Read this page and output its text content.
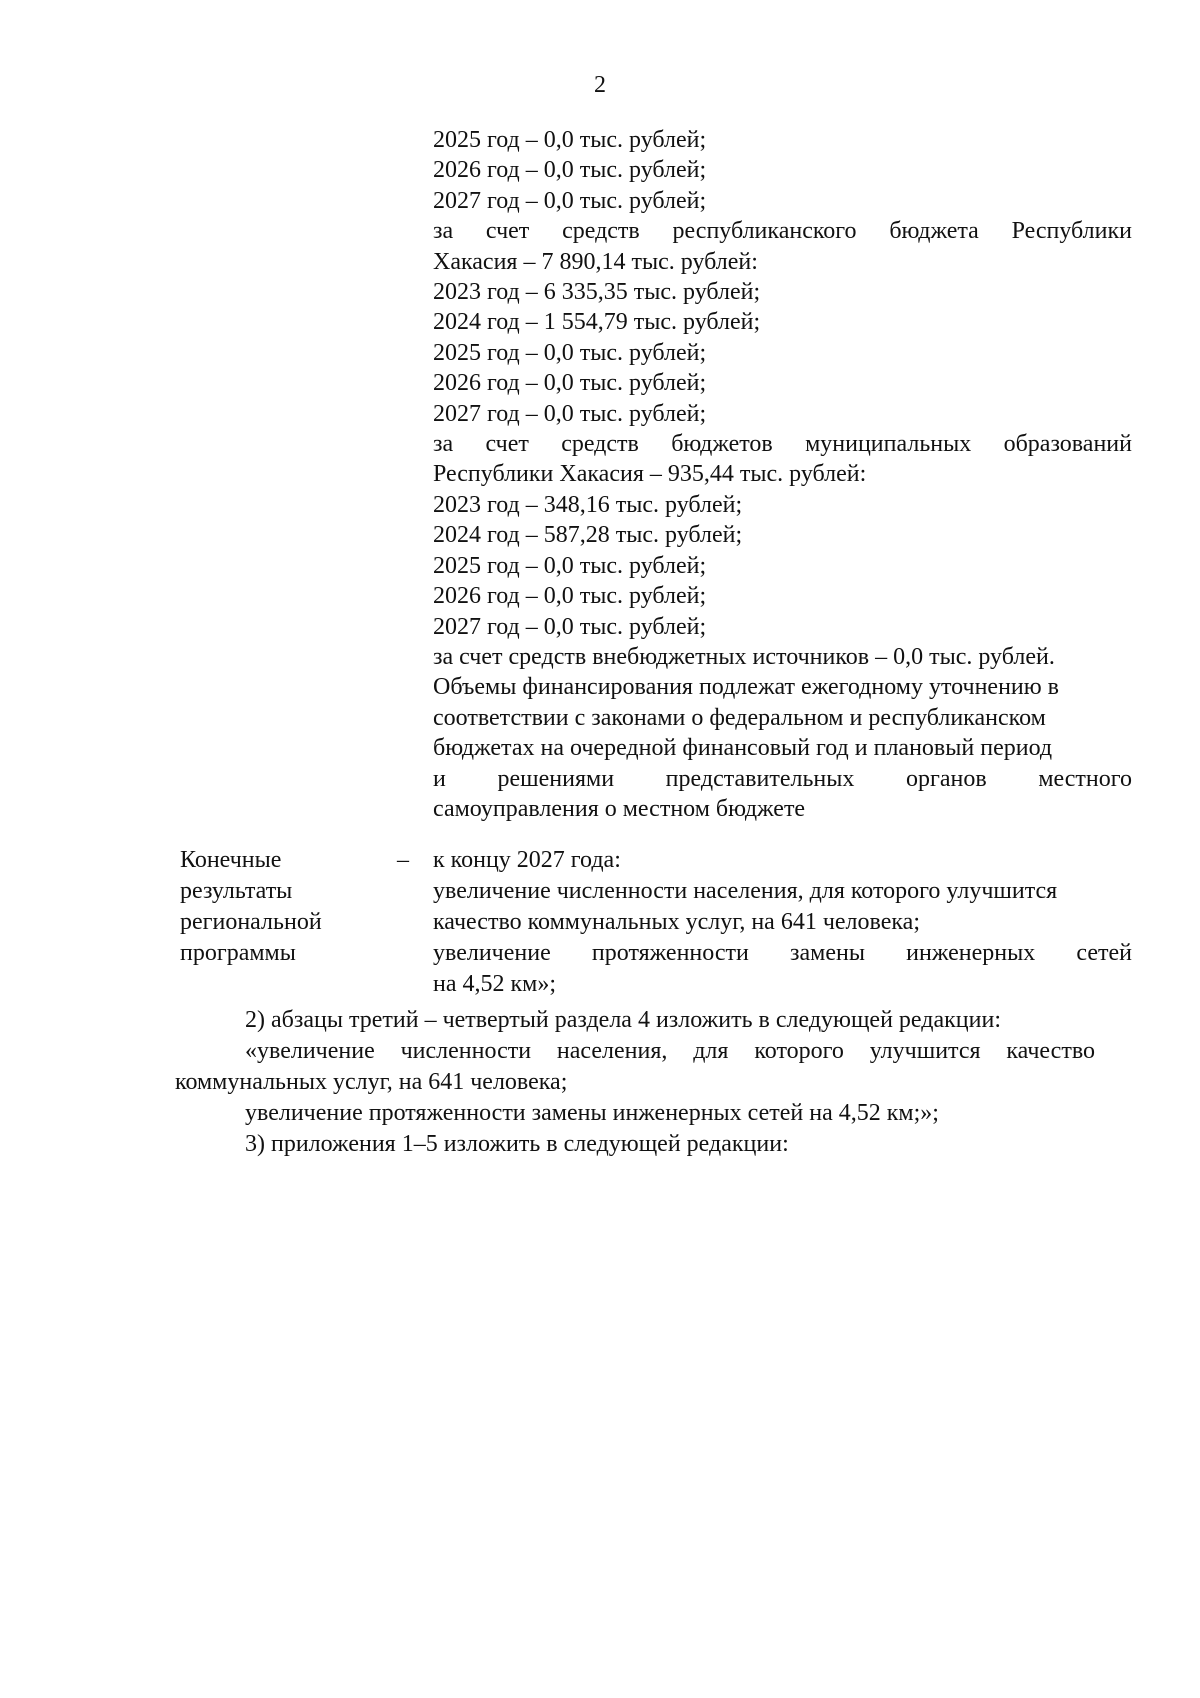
2
2025 год – 0,0 тыс. рублей;
2026 год – 0,0 тыс. рублей;
2027 год – 0,0 тыс. рублей;
за счет средств республиканского бюджета Республики
Хакасия – 7 890,14 тыс. рублей:
2023 год – 6 335,35 тыс. рублей;
2024 год – 1 554,79 тыс. рублей;
2025 год – 0,0 тыс. рублей;
2026 год – 0,0 тыс. рублей;
2027 год – 0,0 тыс. рублей;
за счет средств бюджетов муниципальных образований
Республики Хакасия – 935,44 тыс. рублей:
2023 год – 348,16 тыс. рублей;
2024 год – 587,28 тыс. рублей;
2025 год – 0,0 тыс. рублей;
2026 год – 0,0 тыс. рублей;
2027 год – 0,0 тыс. рублей;
за счет средств внебюджетных источников – 0,0 тыс. рублей.
Объемы финансирования подлежат ежегодному уточнению в
соответствии с законами о федеральном и республиканском
бюджетах на очередной финансовый год и плановый период
и решениями представительных органов местного
самоуправления о местном бюджете
Конечные
результаты
региональной
программы
– к концу 2027 года:
увеличение численности населения, для которого улучшится
качество коммунальных услуг, на 641 человека;
увеличение протяженности замены инженерных сетей
на 4,52 км»;
2) абзацы третий – четвертый раздела 4 изложить в следующей редакции:
«увеличение численности населения, для которого улучшится качество коммунальных услуг, на 641 человека;
увеличение протяженности замены инженерных сетей на 4,52 км;»;
3) приложения 1–5 изложить в следующей редакции:
